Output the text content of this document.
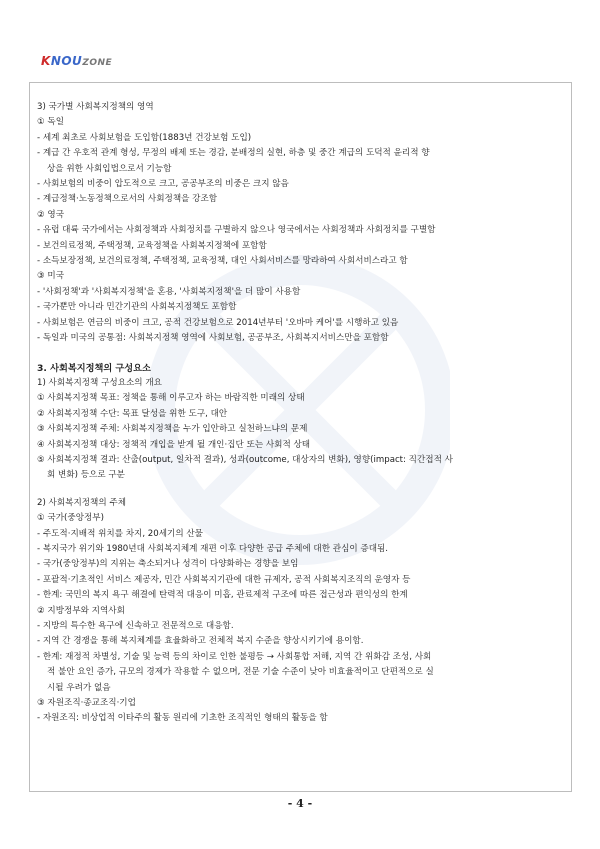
KNOUZONE
3) 국가별 사회복지정책의 영역
① 독일
- 세계 최초로 사회보험을 도입함(1883년 건강보험 도입)
- 계급 간 우호적 관계 형성, 무정의 배제 또는 경감, 분배정의 실현, 하층 및 중간 계급의 도덕적 윤리적 향
상을 위한 사회입법으로서 기능함
- 사회보험의 비중이 압도적으로 크고, 공공부조의 비중은 크지 않음
- 계급정책·노동정책으로서의 사회정책을 강조함
② 영국
- 유럽 대륙 국가에서는 사회정책과 사회정치를 구별하지 않으나 영국에서는 사회정책과 사회정치를 구별함
- 보건의료정책, 주택정책, 교육정책을 사회복지정책에 포함함
- 소득보장정책, 보건의료정책, 주택정책, 교육정책, 대인 사회서비스를 망라하여 사회서비스라고 함
③ 미국
- '사회정책'과 '사회복지정책'을 혼용, '사회복지정책'을 더 많이 사용함
- 국가뿐만 아니라 민간기관의 사회복지정책도 포함함
- 사회보험은 연금의 비중이 크고, 공적 건강보험으로 2014년부터 '오바마 케어'를 시행하고 있음
- 독일과 미국의 공통점: 사회복지정책 영역에 사회보험, 공공부조, 사회복지서비스만을 포함함
3. 사회복지정책의 구성요소
1) 사회복지정책 구성요소의 개요
① 사회복지정책 목표: 정책을 통해 이루고자 하는 바람직한 미래의 상태
② 사회복지정책 수단: 목표 달성을 위한 도구, 대안
③ 사회복지정책 주체: 사회복지정책을 누가 입안하고 실천하느냐의 문제
④ 사회복지정책 대상: 정책적 개입을 받게 될 개인·집단 또는 사회적 상태
⑤ 사회복지정책 결과: 산출(output, 일차적 결과), 성과(outcome, 대상자의 변화), 영향(impact: 직간접적 사
회 변화) 등으로 구분
2) 사회복지정책의 주체
① 국가(중앙정부)
- 주도적·지배적 위치를 차지, 20세기의 산물
- 복지국가 위기와 1980년대 사회복지체계 재편 이후 다양한 공급 주체에 대한 관심이 증대됨.
- 국가(중앙정부)의 지위는 축소되거나 성격이 다양화하는 경향을 보임
- 포괄적·기초적인 서비스 제공자, 민간 사회복지기관에 대한 규제자, 공적 사회복지조직의 운영자 등
- 한계: 국민의 복지 욕구 해결에 탄력적 대응이 미흡, 관료제적 구조에 따른 접근성과 편익성의 한계
② 지방정부와 지역사회
- 지방의 특수한 욕구에 신속하고 전문적으로 대응함.
- 지역 간 경쟁을 통해 복지체계를 효율화하고 전체적 복지 수준을 향상시키기에 용이함.
- 한계: 재정적 차별성, 기술 및 능력 등의 차이로 인한 불평등 → 사회통합 저해, 지역 간 위화감 조성, 사회
적 불안 요인 증가, 규모의 경제가 작용할 수 없으며, 전문 기술 수준이 낮아 비효율적이고 단편적으로 실
시될 우려가 없음
③ 자원조직·종교조직·기업
- 자원조직: 비상업적 이타주의 활동 원리에 기초한 조직적인 형태의 활동을 함
- 4 -
